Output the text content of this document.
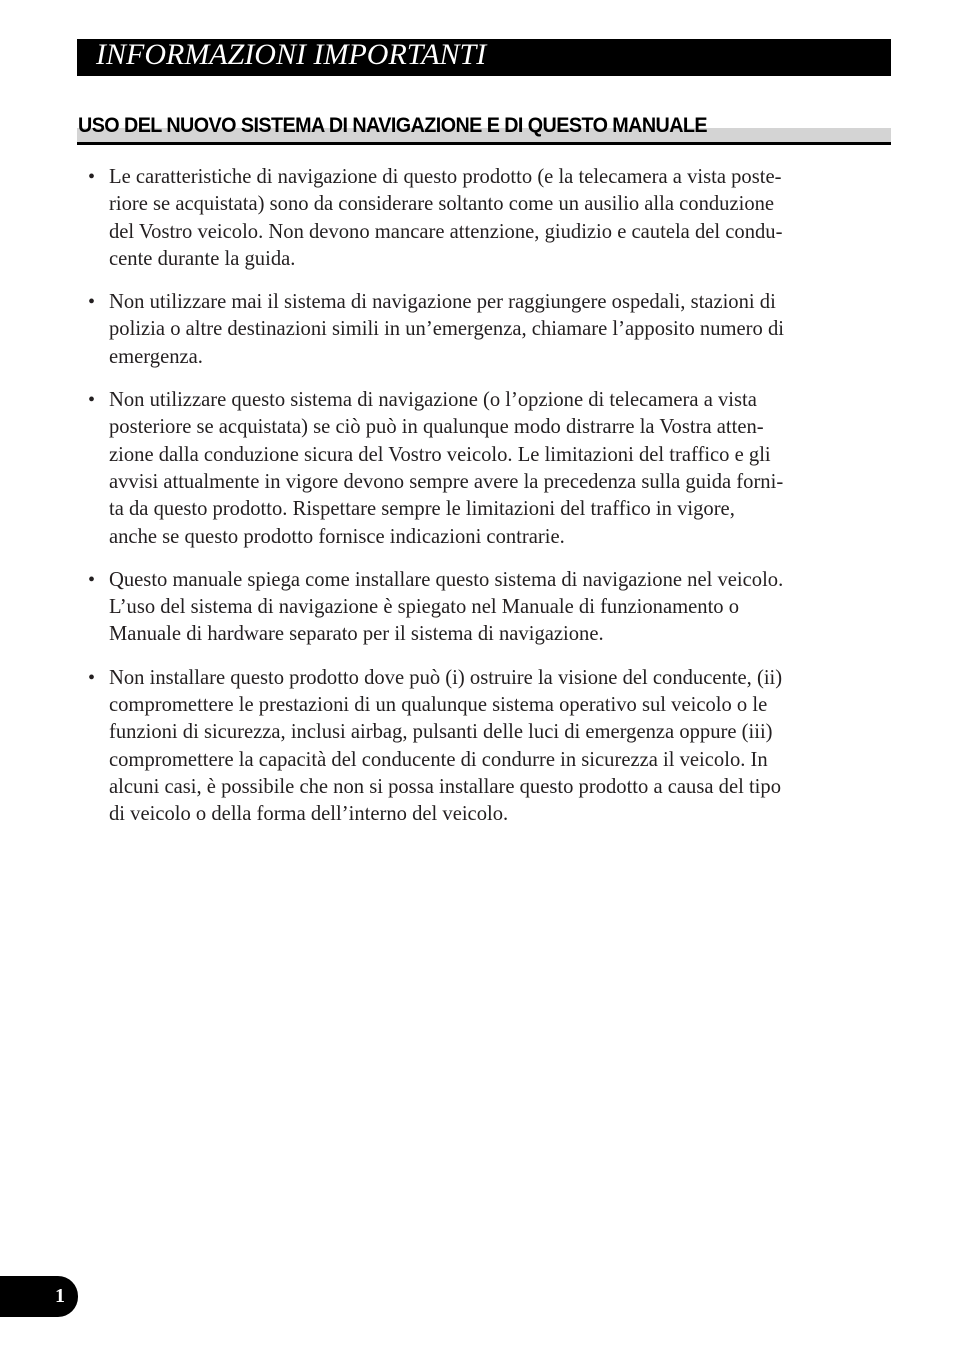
INFORMAZIONI IMPORTANTI
USO DEL NUOVO SISTEMA DI NAVIGAZIONE E DI QUESTO MANUALE
• Le caratteristiche di navigazione di questo prodotto (e la telecamera a vista poste-
riore se acquistata) sono da considerare soltanto come un ausilio alla conduzione
del Vostro veicolo. Non devono mancare attenzione, giudizio e cautela del condu-
cente durante la guida.
• Non utilizzare mai il sistema di navigazione per raggiungere ospedali, stazioni di
polizia o altre destinazioni simili in un’emergenza, chiamare l’apposito numero di
emergenza.
• Non utilizzare questo sistema di navigazione (o l’opzione di telecamera a vista
posteriore se acquistata) se ciò può in qualunque modo distrarre la Vostra atten-
zione dalla conduzione sicura del Vostro veicolo. Le limitazioni del traffico e gli
avvisi attualmente in vigore devono sempre avere la precedenza sulla guida forni-
ta da questo prodotto. Rispettare sempre le limitazioni del traffico in vigore,
anche se questo prodotto fornisce indicazioni contrarie.
• Questo manuale spiega come installare questo sistema di navigazione nel veicolo.
L’uso del sistema di navigazione è spiegato nel Manuale di funzionamento o
Manuale di hardware separato per il sistema di navigazione.
• Non installare questo prodotto dove può (i) ostruire la visione del conducente, (ii)
compromettere le prestazioni di un qualunque sistema operativo sul veicolo o le
funzioni di sicurezza, inclusi airbag, pulsanti delle luci di emergenza oppure (iii)
compromettere la capacità del conducente di condurre in sicurezza il veicolo. In
alcuni casi, è possibile che non si possa installare questo prodotto a causa del tipo
di veicolo o della forma dell’interno del veicolo.
1
